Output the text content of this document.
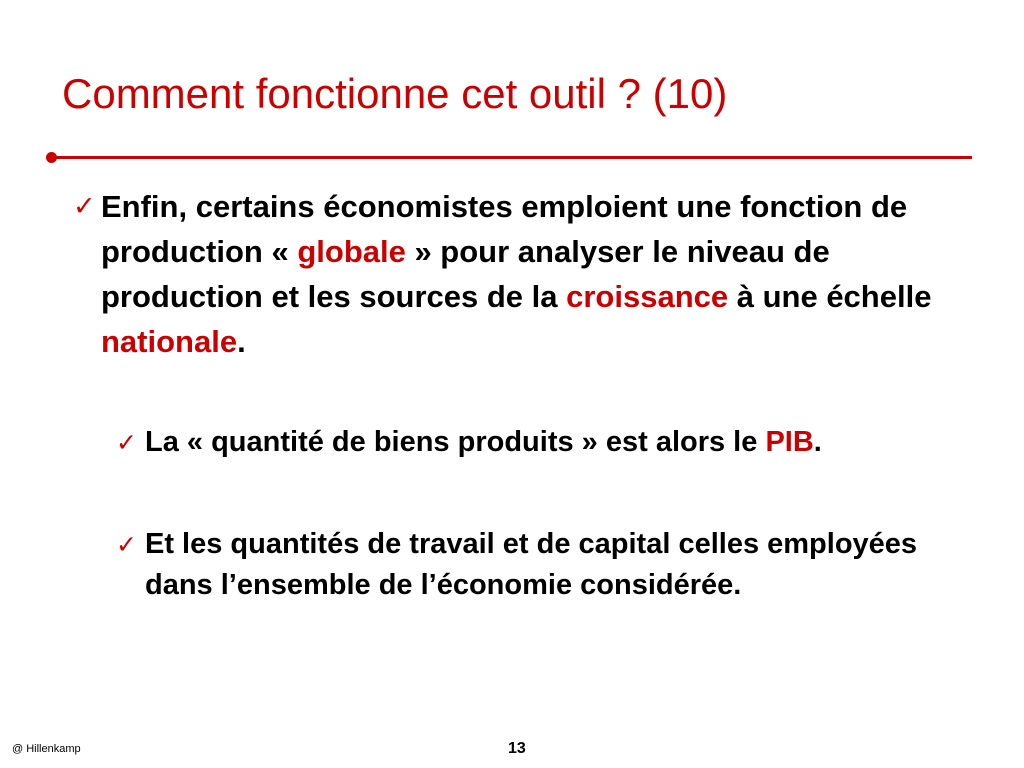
Comment fonctionne cet outil ? (10)

✓ Enfin, certains économistes emploient une fonction de production « globale » pour analyser le niveau de production et les sources de la croissance à une échelle nationale.

✓ La « quantité de biens produits » est alors le PIB.

✓ Et les quantités de travail et de capital celles employées dans l’ensemble de l’économie considérée.

@ Hillenkamp	13
